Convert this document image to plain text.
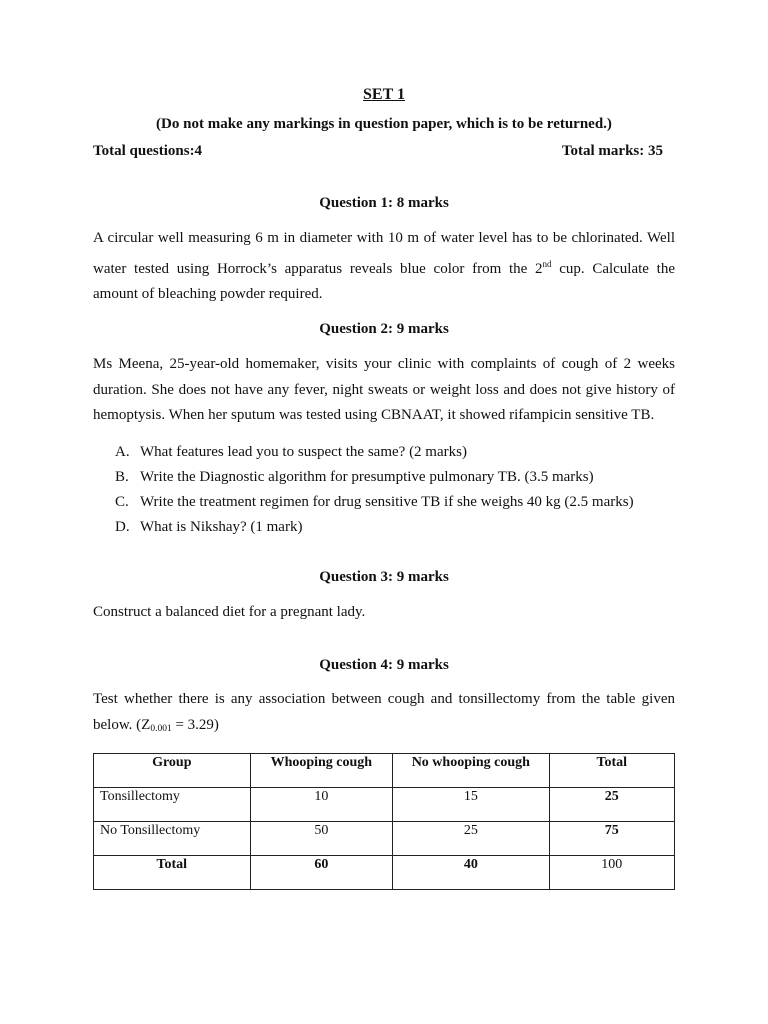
SET 1
(Do not make any markings in question paper, which is to be returned.)
Total questions:4	Total marks: 35
Question 1: 8 marks
A circular well measuring 6 m in diameter with 10 m of water level has to be chlorinated. Well
water tested using Horrock’s apparatus reveals blue color from the 2nd cup. Calculate the
amount of bleaching powder required.
Question 2: 9 marks
Ms Meena, 25-year-old homemaker, visits your clinic with complaints of cough of 2 weeks
duration. She does not have any fever, night sweats or weight loss and does not give history of
hemoptysis. When her sputum was tested using CBNAAT, it showed rifampicin sensitive TB.
A. What features lead you to suspect the same? (2 marks)
B. Write the Diagnostic algorithm for presumptive pulmonary TB. (3.5 marks)
C. Write the treatment regimen for drug sensitive TB if she weighs 40 kg (2.5 marks)
D. What is Nikshay? (1 mark)
Question 3: 9 marks
Construct a balanced diet for a pregnant lady.
Question 4: 9 marks
Test whether there is any association between cough and tonsillectomy from the table given
below. $(Z_{0.001} = 3.29)$
Group	Whooping cough	No whooping cough	Total
Tonsillectomy	10	15	25
No Tonsillectomy	50	25	75
Total	60	40	100
